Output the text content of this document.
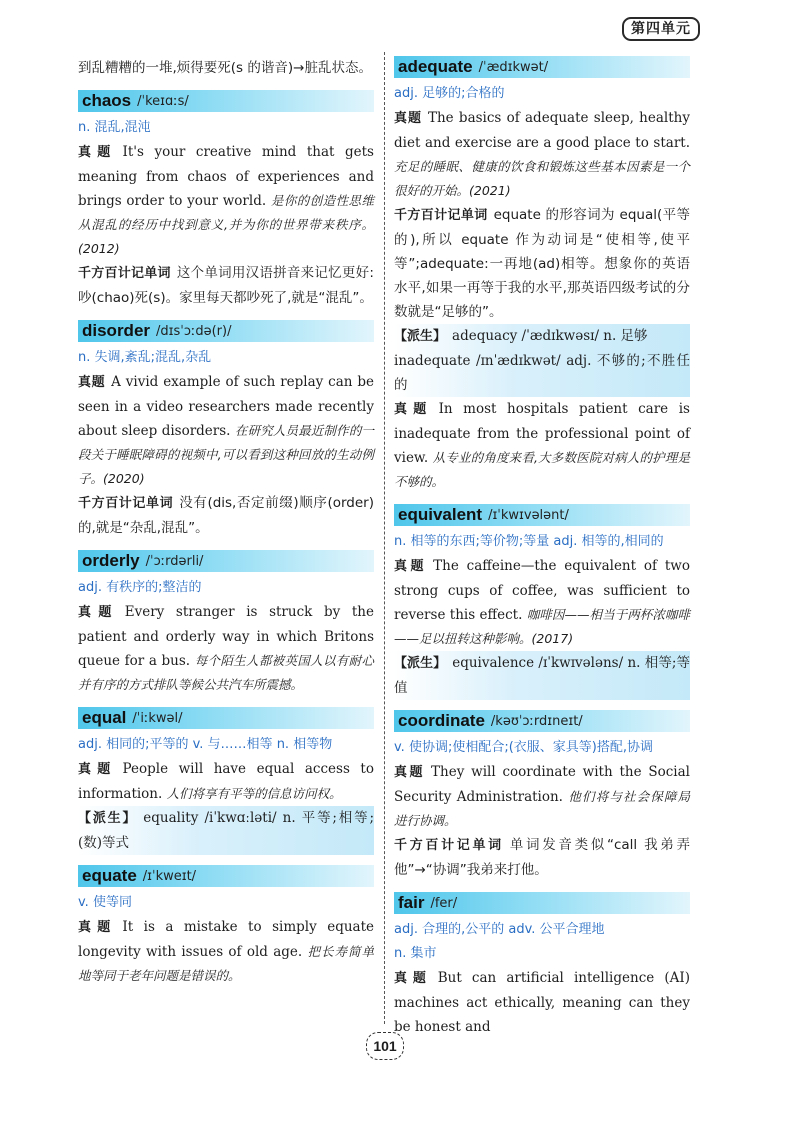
第四单元

到乱糟糟的一堆,烦得要死(s 的谐音)→脏乱状态。

chaos /ˈkeɪɑːs/

n. 混乱,混沌

真题 It's your creative mind that gets meaning from chaos of experiences and brings order to your world. 是你的创造性思维从混乱的经历中找到意义,并为你的世界带来秩序。(2012)

千方百计记单词 这个单词用汉语拼音来记忆更好:吵(chao)死(s)。家里每天都吵死了,就是“混乱”。

disorder /dɪsˈɔːdə(r)/

n. 失调,紊乱;混乱,杂乱

真题 A vivid example of such replay can be seen in a video researchers made recently about sleep disorders. 在研究人员最近制作的一段关于睡眠障碍的视频中,可以看到这种回放的生动例子。(2020)

千方百计记单词 没有(dis,否定前缀)顺序(order)的,就是“杂乱,混乱”。

orderly /ˈɔːrdərli/

adj. 有秩序的;整洁的

真题 Every stranger is struck by the patient and orderly way in which Britons queue for a bus. 每个陌生人都被英国人以有耐心并有序的方式排队等候公共汽车所震撼。

equal /ˈiːkwəl/

adj. 相同的;平等的 v. 与……相等 n. 相等物

真题 People will have equal access to information. 人们将享有平等的信息访问权。

【派生】 equality /iˈkwɑːləti/ n. 平等;相等;(数)等式

equate /ɪˈkweɪt/

v. 使等同

真题 It is a mistake to simply equate longevity with issues of old age. 把长寿简单地等同于老年问题是错误的。

adequate /ˈædɪkwət/

adj. 足够的;合格的

真题 The basics of adequate sleep, healthy diet and exercise are a good place to start. 充足的睡眠、健康的饮食和锻炼这些基本因素是一个很好的开始。(2021)

千方百计记单词 equate 的形容词为 equal(平等的),所以 equate 作为动词是“使相等,使平等”;adequate:一再地(ad)相等。想象你的英语水平,如果一再等于我的水平,那英语四级考试的分数就是“足够的”。

【派生】 adequacy /ˈædɪkwəsɪ/ n. 足够

inadequate /ɪnˈædɪkwət/ adj. 不够的;不胜任的

真题 In most hospitals patient care is inadequate from the professional point of view. 从专业的角度来看,大多数医院对病人的护理是不够的。

equivalent /ɪˈkwɪvələnt/

n. 相等的东西;等价物;等量 adj. 相等的,相同的

真题 The caffeine—the equivalent of two strong cups of coffee, was sufficient to reverse this effect. 咖啡因——相当于两杯浓咖啡——足以扭转这种影响。(2017)

【派生】 equivalence /ɪˈkwɪvələns/ n. 相等;等值

coordinate /kəʊˈɔːrdɪneɪt/

v. 使协调;使相配合;(衣服、家具等)搭配,协调

真题 They will coordinate with the Social Security Administration. 他们将与社会保障局进行协调。

千方百计记单词 单词发音类似“call 我弟弄他”→“协调”我弟来打他。

fair /fer/

adj. 合理的,公平的 adv. 公平合理地

n. 集市

真题 But can artificial intelligence (AI) machines act ethically, meaning can they be honest and

101
